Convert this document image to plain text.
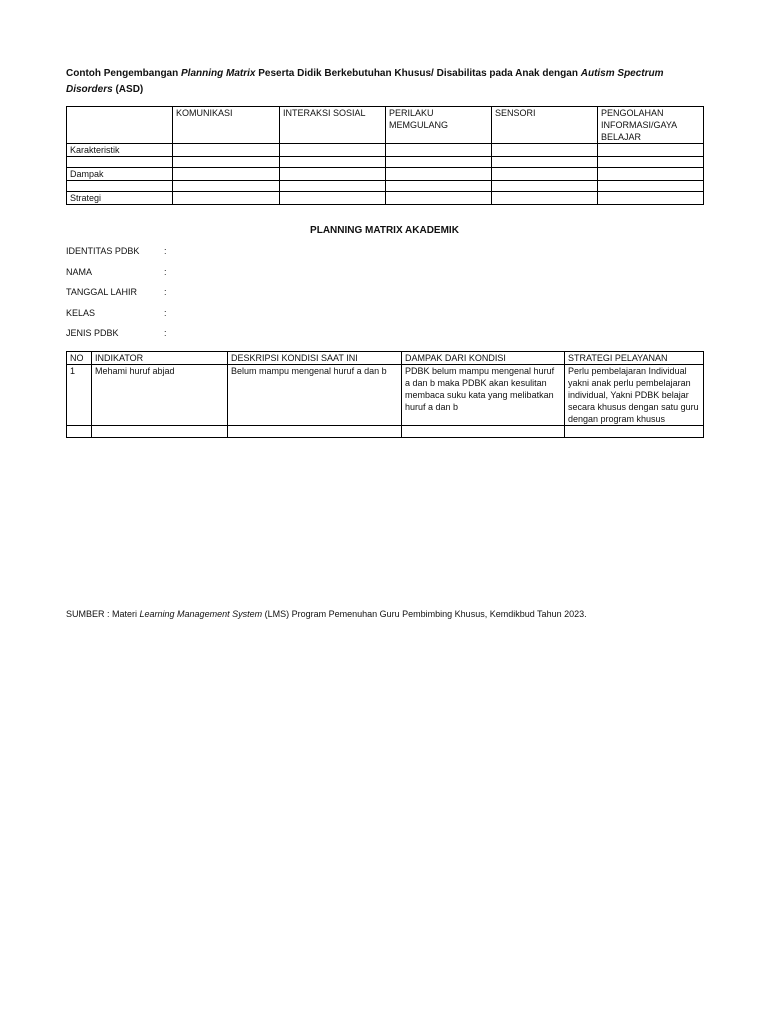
Contoh Pengembangan Planning Matrix Peserta Didik Berkebutuhan Khusus/ Disabilitas pada Anak dengan Autism Spectrum Disorders (ASD)

	KOMUNIKASI	INTERAKSI SOSIAL	PERILAKU MEMGULANG	SENSORI	PENGOLAHAN INFORMASI/GAYA BELAJAR
Karakteristik					

Dampak					

Strategi					
PLANNING MATRIX AKADEMIK
IDENTITAS PDBK	:
NAMA	:
TANGGAL LAHIR	:
KELAS	:
JENIS PDBK	:
NO	INDIKATOR	DESKRIPSI KONDISI SAAT INI	DAMPAK DARI KONDISI	STRATEGI PELAYANAN
1	Mehami huruf abjad	Belum mampu mengenal huruf a dan b	PDBK belum mampu mengenal huruf a dan b maka PDBK akan kesulitan membaca suku kata yang melibatkan huruf a dan b	Perlu pembelajaran Individual yakni anak perlu pembelajaran individual, Yakni PDBK belajar secara khusus dengan satu guru dengan program khusus

SUMBER : Materi Learning Management System (LMS) Program Pemenuhan Guru Pembimbing Khusus, Kemdikbud Tahun 2023.
